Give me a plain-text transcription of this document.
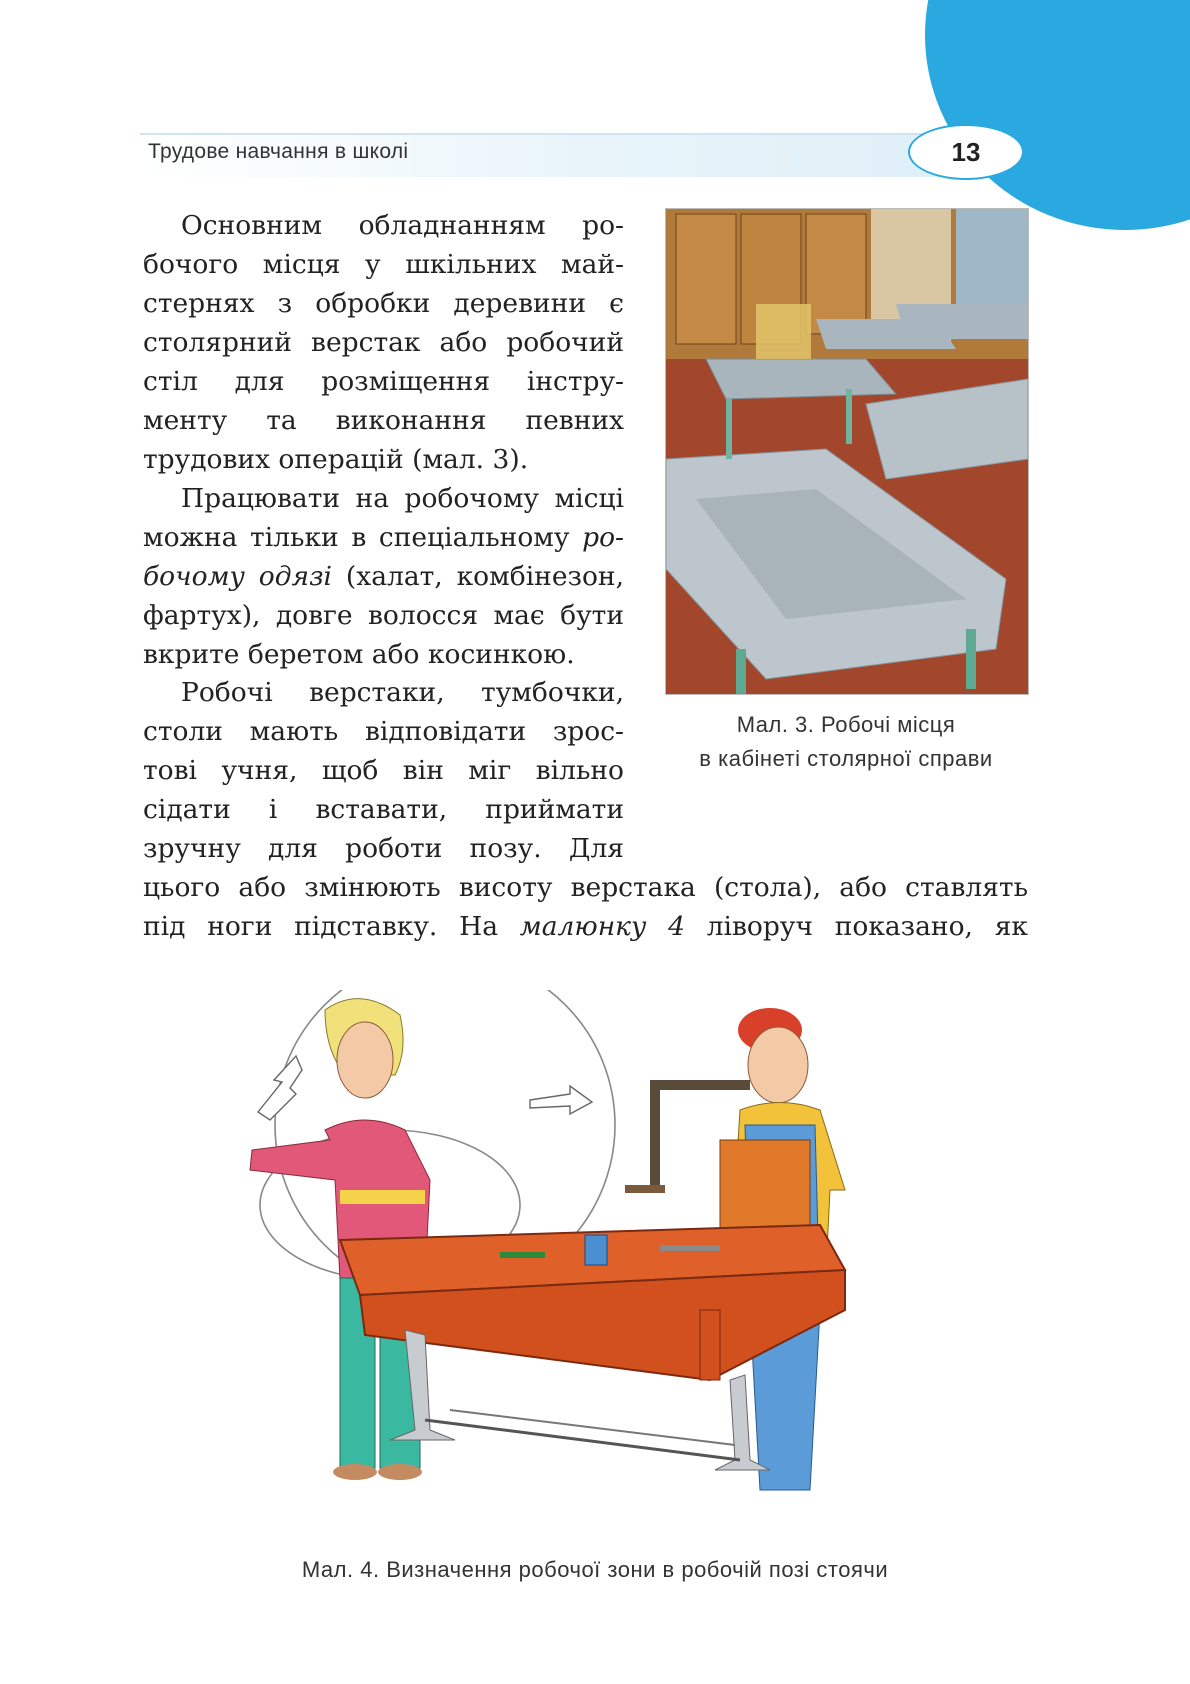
Трудове навчання в школі	13
Основним обладнанням ро-
бочого місця у шкільних май-
стернях з обробки деревини є
столярний верстак або робочий
стіл для розміщення інстру-
менту та виконання певних
трудових операцій (мал. 3).
Працювати на робочому місці
можна тільки в спеціальному ро-
бочому одязі (халат, комбінезон,
фартух), довге волосся має бути
вкрите беретом або косинкою.
Робочі верстаки, тумбочки,
столи мають відповідати зрос-
тові учня, щоб він міг вільно
сідати і вставати, приймати
зручну для роботи позу. Для
цього або змінюють висоту верстака (стола), або ставлять
під ноги підставку. На малюнку 4 ліворуч показано, як
Мал. 3. Робочі місця
в кабінеті столярної справи
Мал. 4. Визначення робочої зони в робочій позі стоячи
